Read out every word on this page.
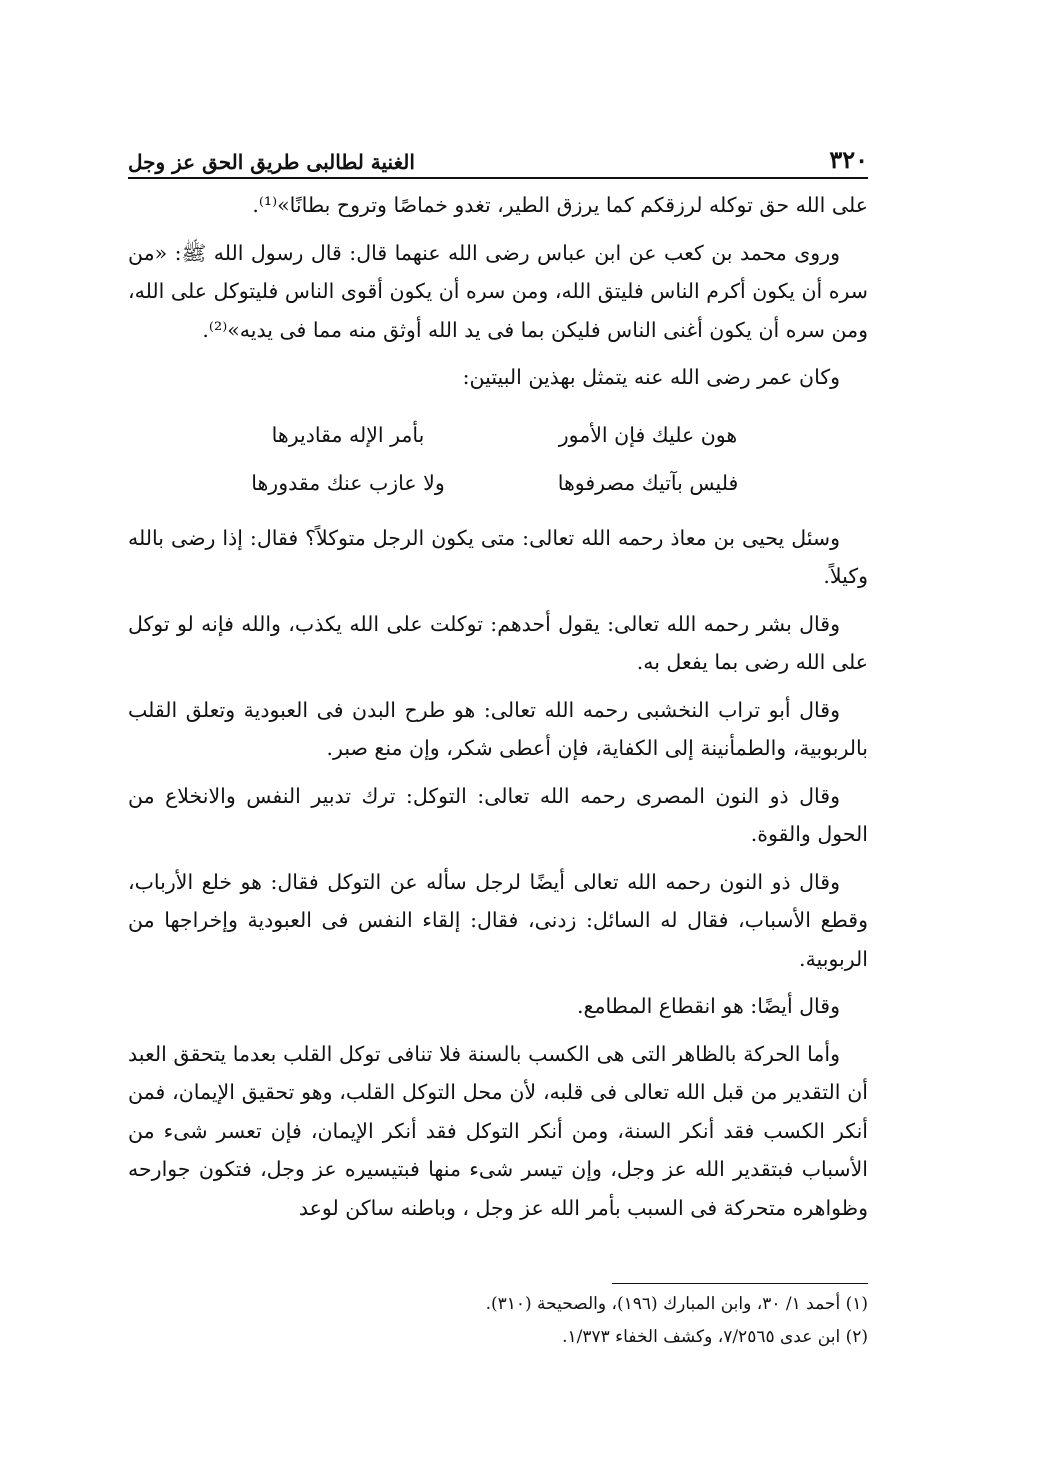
٣٢٠
الغنية لطالبى طريق الحق عز وجل

على الله حق توكله لرزقكم كما يرزق الطير، تغدو خماصًا وتروح بطانًا»⁽¹⁾.

وروى محمد بن كعب عن ابن عباس رضى الله عنهما قال: قال رسول الله ﷺ: «من سره أن يكون أكرم الناس فليتق الله، ومن سره أن يكون أقوى الناس فليتوكل على الله، ومن سره أن يكون أغنى الناس فليكن بما فى يد الله أوثق منه مما فى يديه»⁽²⁾.

وكان عمر رضى الله عنه يتمثل بهذين البيتين:

هون عليك فإن الأمور
بأمر الإله مقاديرها
فليس بآتيك مصرفوها
ولا عازب عنك مقدورها

وسئل يحيى بن معاذ رحمه الله تعالى: متى يكون الرجل متوكلاً؟ فقال: إذا رضى بالله وكيلاً.

وقال بشر رحمه الله تعالى: يقول أحدهم: توكلت على الله يكذب، والله فإنه لو توكل على الله رضى بما يفعل به.

وقال أبو تراب النخشبى رحمه الله تعالى: هو طرح البدن فى العبودية وتعلق القلب بالربوبية، والطمأنينة إلى الكفاية، فإن أعطى شكر، وإن منع صبر.

وقال ذو النون المصرى رحمه الله تعالى: التوكل: ترك تدبير النفس والانخلاع من الحول والقوة.

وقال ذو النون رحمه الله تعالى أيضًا لرجل سأله عن التوكل فقال: هو خلع الأرباب، وقطع الأسباب، فقال له السائل: زدنى، فقال: إلقاء النفس فى العبودية وإخراجها من الربوبية.

وقال أيضًا: هو انقطاع المطامع.

وأما الحركة بالظاهر التى هى الكسب بالسنة فلا تنافى توكل القلب بعدما يتحقق العبد أن التقدير من قبل الله تعالى فى قلبه، لأن محل التوكل القلب، وهو تحقيق الإيمان، فمن أنكر الكسب فقد أنكر السنة، ومن أنكر التوكل فقد أنكر الإيمان، فإن تعسر شىء من الأسباب فبتقدير الله عز وجل، وإن تيسر شىء منها فبتيسيره عز وجل، فتكون جوارحه وظواهره متحركة فى السبب بأمر الله عز وجل ، وباطنه ساكن لوعد

(١) أحمد ١/ ٣٠، وابن المبارك (١٩٦)، والصحيحة (٣١٠).
(٢) ابن عدى ٧/٢٥٦٥، وكشف الخفاء ١/٣٧٣.
